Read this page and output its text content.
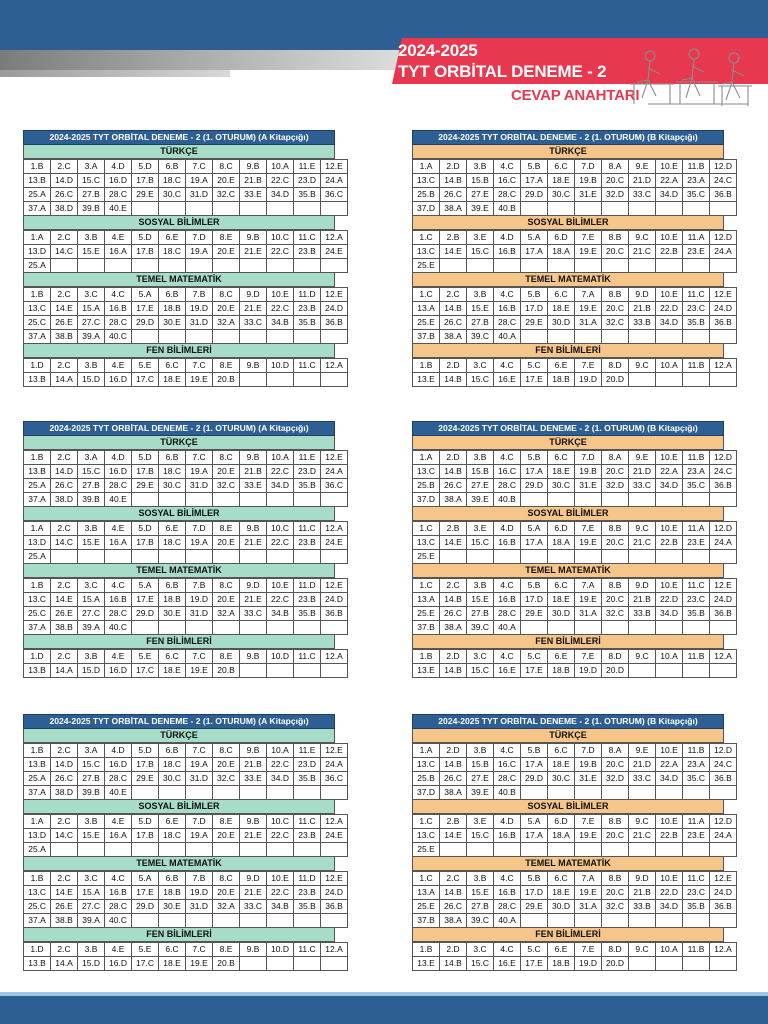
2024-2025
TYT ORBİTAL DENEME - 2
CEVAP ANAHTARI
2024-2025 TYT ORBİTAL DENEME - 2 (1. OTURUM) (A Kitapçığı)
TÜRKÇE
1.B	2.C	3.A	4.D	5.D	6.B	7.C	8.C	9.B	10.A	11.E	12.E
13.B	14.D	15.C	16.D	17.B	18.C	19.A	20.E	21.B	22.C	23.D	24.A
25.A	26.C	27.B	28.C	29.E	30.C	31.D	32.C	33.E	34.D	35.B	36.C
37.A	38.D	39.B	40.E								
SOSYAL BİLİMLER
1.A	2.C	3.B	4.E	5.D	6.E	7.D	8.E	9.B	10.C	11.C	12.A
13.D	14.C	15.E	16.A	17.B	18.C	19.A	20.E	21.E	22.C	23.B	24.E
25.A											
TEMEL MATEMATİK
1.B	2.C	3.C	4.C	5.A	6.B	7.B	8.C	9.D	10.E	11.D	12.E
13.C	14.E	15.A	16.B	17.E	18.B	19.D	20.E	21.E	22.C	23.B	24.D
25.C	26.E	27.C	28.C	29.D	30.E	31.D	32.A	33.C	34.B	35.B	36.B
37.A	38.B	39.A	40.C								
FEN BİLİMLERİ
1.D	2.C	3.B	4.E	5.E	6.C	7.C	8.E	9.B	10.D	11.C	12.A
13.B	14.A	15.D	16.D	17.C	18.E	19.E	20.B				
2024-2025 TYT ORBİTAL DENEME - 2 (1. OTURUM) (B Kitapçığı)
TÜRKÇE
1.A	2.D	3.B	4.C	5.B	6.C	7.D	8.A	9.E	10.E	11.B	12.D
13.C	14.B	15.B	16.C	17.A	18.E	19.B	20.C	21.D	22.A	23.A	24.C
25.B	26.C	27.E	28.C	29.D	30.C	31.E	32.D	33.C	34.D	35.C	36.B
37.D	38.A	39.E	40.B								
SOSYAL BİLİMLER
1.C	2.B	3.E	4.D	5.A	6.D	7.E	8.B	9.C	10.E	11.A	12.D
13.C	14.E	15.C	16.B	17.A	18.A	19.E	20.C	21.C	22.B	23.E	24.A
25.E											
TEMEL MATEMATİK
1.C	2.C	3.B	4.C	5.B	6.C	7.A	8.B	9.D	10.E	11.C	12.E
13.A	14.B	15.E	16.B	17.D	18.E	19.E	20.C	21.B	22.D	23.C	24.D
25.E	26.C	27.B	28.C	29.E	30.D	31.A	32.C	33.B	34.D	35.B	36.B
37.B	38.A	39.C	40.A								
FEN BİLİMLERİ
1.B	2.D	3.C	4.C	5.C	6.E	7.E	8.D	9.C	10.A	11.B	12.A
13.E	14.B	15.C	16.E	17.E	18.B	19.D	20.D				
2024-2025 TYT ORBİTAL DENEME - 2 (1. OTURUM) (A Kitapçığı)
TÜRKÇE
1.B	2.C	3.A	4.D	5.D	6.B	7.C	8.C	9.B	10.A	11.E	12.E
13.B	14.D	15.C	16.D	17.B	18.C	19.A	20.E	21.B	22.C	23.D	24.A
25.A	26.C	27.B	28.C	29.E	30.C	31.D	32.C	33.E	34.D	35.B	36.C
37.A	38.D	39.B	40.E								
SOSYAL BİLİMLER
1.A	2.C	3.B	4.E	5.D	6.E	7.D	8.E	9.B	10.C	11.C	12.A
13.D	14.C	15.E	16.A	17.B	18.C	19.A	20.E	21.E	22.C	23.B	24.E
25.A											
TEMEL MATEMATİK
1.B	2.C	3.C	4.C	5.A	6.B	7.B	8.C	9.D	10.E	11.D	12.E
13.C	14.E	15.A	16.B	17.E	18.B	19.D	20.E	21.E	22.C	23.B	24.D
25.C	26.E	27.C	28.C	29.D	30.E	31.D	32.A	33.C	34.B	35.B	36.B
37.A	38.B	39.A	40.C								
FEN BİLİMLERİ
1.D	2.C	3.B	4.E	5.E	6.C	7.C	8.E	9.B	10.D	11.C	12.A
13.B	14.A	15.D	16.D	17.C	18.E	19.E	20.B				
2024-2025 TYT ORBİTAL DENEME - 2 (1. OTURUM) (B Kitapçığı)
TÜRKÇE
1.A	2.D	3.B	4.C	5.B	6.C	7.D	8.A	9.E	10.E	11.B	12.D
13.C	14.B	15.B	16.C	17.A	18.E	19.B	20.C	21.D	22.A	23.A	24.C
25.B	26.C	27.E	28.C	29.D	30.C	31.E	32.D	33.C	34.D	35.C	36.B
37.D	38.A	39.E	40.B								
SOSYAL BİLİMLER
1.C	2.B	3.E	4.D	5.A	6.D	7.E	8.B	9.C	10.E	11.A	12.D
13.C	14.E	15.C	16.B	17.A	18.A	19.E	20.C	21.C	22.B	23.E	24.A
25.E											
TEMEL MATEMATİK
1.C	2.C	3.B	4.C	5.B	6.C	7.A	8.B	9.D	10.E	11.C	12.E
13.A	14.B	15.E	16.B	17.D	18.E	19.E	20.C	21.B	22.D	23.C	24.D
25.E	26.C	27.B	28.C	29.E	30.D	31.A	32.C	33.B	34.D	35.B	36.B
37.B	38.A	39.C	40.A								
FEN BİLİMLERİ
1.B	2.D	3.C	4.C	5.C	6.E	7.E	8.D	9.C	10.A	11.B	12.A
13.E	14.B	15.C	16.E	17.E	18.B	19.D	20.D				
2024-2025 TYT ORBİTAL DENEME - 2 (1. OTURUM) (A Kitapçığı)
TÜRKÇE
1.B	2.C	3.A	4.D	5.D	6.B	7.C	8.C	9.B	10.A	11.E	12.E
13.B	14.D	15.C	16.D	17.B	18.C	19.A	20.E	21.B	22.C	23.D	24.A
25.A	26.C	27.B	28.C	29.E	30.C	31.D	32.C	33.E	34.D	35.B	36.C
37.A	38.D	39.B	40.E								
SOSYAL BİLİMLER
1.A	2.C	3.B	4.E	5.D	6.E	7.D	8.E	9.B	10.C	11.C	12.A
13.D	14.C	15.E	16.A	17.B	18.C	19.A	20.E	21.E	22.C	23.B	24.E
25.A											
TEMEL MATEMATİK
1.B	2.C	3.C	4.C	5.A	6.B	7.B	8.C	9.D	10.E	11.D	12.E
13.C	14.E	15.A	16.B	17.E	18.B	19.D	20.E	21.E	22.C	23.B	24.D
25.C	26.E	27.C	28.C	29.D	30.E	31.D	32.A	33.C	34.B	35.B	36.B
37.A	38.B	39.A	40.C								
FEN BİLİMLERİ
1.D	2.C	3.B	4.E	5.E	6.C	7.C	8.E	9.B	10.D	11.C	12.A
13.B	14.A	15.D	16.D	17.C	18.E	19.E	20.B				
2024-2025 TYT ORBİTAL DENEME - 2 (1. OTURUM) (B Kitapçığı)
TÜRKÇE
1.A	2.D	3.B	4.C	5.B	6.C	7.D	8.A	9.E	10.E	11.B	12.D
13.C	14.B	15.B	16.C	17.A	18.E	19.B	20.C	21.D	22.A	23.A	24.C
25.B	26.C	27.E	28.C	29.D	30.C	31.E	32.D	33.C	34.D	35.C	36.B
37.D	38.A	39.E	40.B								
SOSYAL BİLİMLER
1.C	2.B	3.E	4.D	5.A	6.D	7.E	8.B	9.C	10.E	11.A	12.D
13.C	14.E	15.C	16.B	17.A	18.A	19.E	20.C	21.C	22.B	23.E	24.A
25.E											
TEMEL MATEMATİK
1.C	2.C	3.B	4.C	5.B	6.C	7.A	8.B	9.D	10.E	11.C	12.E
13.A	14.B	15.E	16.B	17.D	18.E	19.E	20.C	21.B	22.D	23.C	24.D
25.E	26.C	27.B	28.C	29.E	30.D	31.A	32.C	33.B	34.D	35.B	36.B
37.B	38.A	39.C	40.A								
FEN BİLİMLERİ
1.B	2.D	3.C	4.C	5.C	6.E	7.E	8.D	9.C	10.A	11.B	12.A
13.E	14.B	15.C	16.E	17.E	18.B	19.D	20.D				
